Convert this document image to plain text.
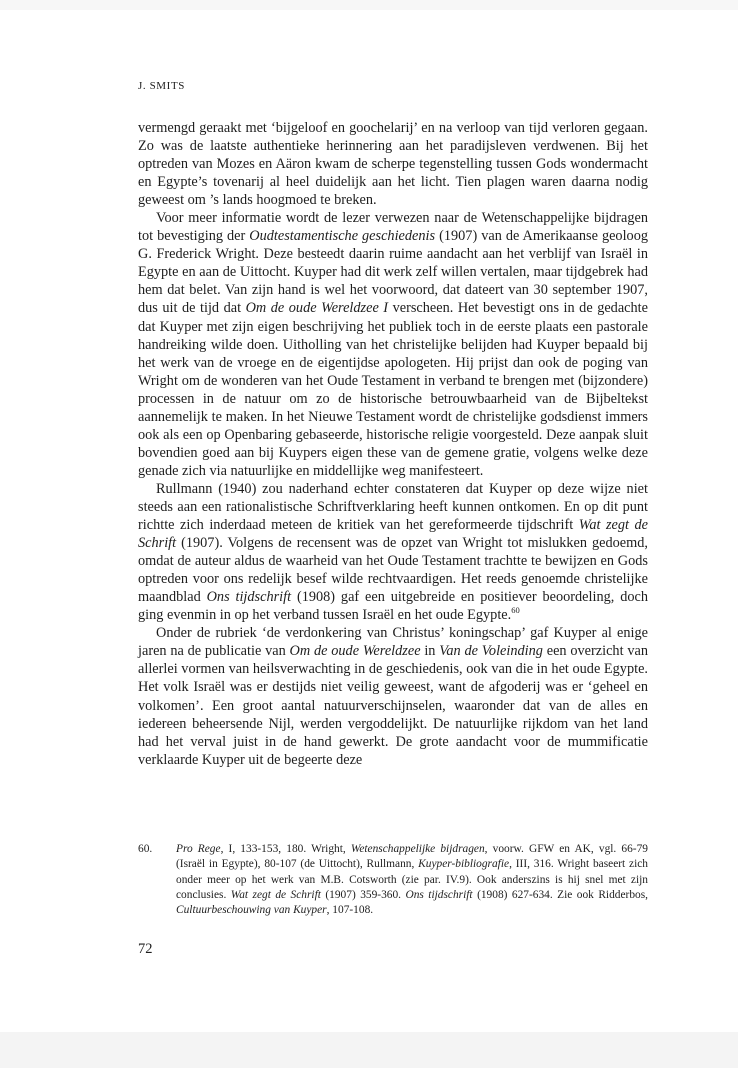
J. SMITS

vermengd geraakt met ‘bijgeloof en goochelarij’ en na verloop van tijd verloren gegaan. Zo was de laatste authentieke herinnering aan het paradijsleven verdwenen. Bij het optreden van Mozes en Aäron kwam de scherpe tegenstelling tussen Gods wondermacht en Egypte’s tovenarij al heel duidelijk aan het licht. Tien plagen waren daarna nodig geweest om ’s lands hoogmoed te breken.

Voor meer informatie wordt de lezer verwezen naar de Wetenschappelijke bijdragen tot bevestiging der Oudtestamentische geschiedenis (1907) van de Amerikaanse geoloog G. Frederick Wright. Deze besteedt daarin ruime aandacht aan het verblijf van Israël in Egypte en aan de Uittocht. Kuyper had dit werk zelf willen vertalen, maar tijdgebrek had hem dat belet. Van zijn hand is wel het voorwoord, dat dateert van 30 september 1907, dus uit de tijd dat Om de oude Wereldzee I verscheen. Het bevestigt ons in de gedachte dat Kuyper met zijn eigen beschrijving het publiek toch in de eerste plaats een pastorale handreiking wilde doen. Uitholling van het christelijke belijden had Kuyper bepaald bij het werk van de vroege en de eigentijdse apologeten. Hij prijst dan ook de poging van Wright om de wonderen van het Oude Testament in verband te brengen met (bijzondere) processen in de natuur om zo de historische betrouwbaarheid van de Bijbeltekst aannemelijk te maken. In het Nieuwe Testament wordt de christelijke godsdienst immers ook als een op Openbaring gebaseerde, historische religie voorgesteld. Deze aanpak sluit bovendien goed aan bij Kuypers eigen these van de gemene gratie, volgens welke deze genade zich via natuurlijke en middellijke weg manifesteert.

Rullmann (1940) zou naderhand echter constateren dat Kuyper op deze wijze niet steeds aan een rationalistische Schriftverklaring heeft kunnen ontkomen. En op dit punt richtte zich inderdaad meteen de kritiek van het gereformeerde tijdschrift Wat zegt de Schrift (1907). Volgens de recensent was de opzet van Wright tot mislukken gedoemd, omdat de auteur aldus de waarheid van het Oude Testament trachtte te bewijzen en Gods optreden voor ons redelijk besef wilde rechtvaardigen. Het reeds genoemde christelijke maandblad Ons tijdschrift (1908) gaf een uitgebreide en positiever beoordeling, doch ging evenmin in op het verband tussen Israël en het oude Egypte.$^{60}$

Onder de rubriek ‘de verdonkering van Christus’ koningschap’ gaf Kuyper al enige jaren na de publicatie van Om de oude Wereldzee in Van de Voleinding een overzicht van allerlei vormen van heilsverwachting in de geschiedenis, ook van die in het oude Egypte. Het volk Israël was er destijds niet veilig geweest, want de afgoderij was er ‘geheel en volkomen’. Een groot aantal natuurverschijnselen, waaronder dat van de alles en iedereen beheersende Nijl, werden vergoddelijkt. De natuurlijke rijkdom van het land had het verval juist in de hand gewerkt. De grote aandacht voor de mummificatie verklaarde Kuyper uit de begeerte deze

60. Pro Rege, I, 133-153, 180. Wright, Wetenschappelijke bijdragen, voorw. GFW en AK, vgl. 66-79 (Israël in Egypte), 80-107 (de Uittocht), Rullmann, Kuyper-bibliografie, III, 316. Wright baseert zich onder meer op het werk van M.B. Cotsworth (zie par. IV.9). Ook anderszins is hij snel met zijn conclusies. Wat zegt de Schrift (1907) 359-360. Ons tijdschrift (1908) 627-634. Zie ook Ridderbos, Cultuurbeschouwing van Kuyper, 107-108.
72
